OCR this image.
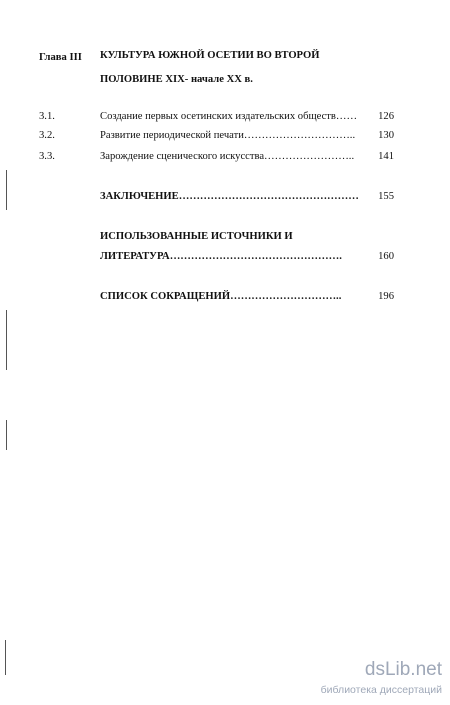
Глава III КУЛЬТУРА ЮЖНОЙ ОСЕТИИ ВО ВТОРОЙ
ПОЛОВИНЕ XIX- начале XX в.
3.1.	Создание первых осетинских издательских обществ……	126
3.2.	Развитие периодической печати…………………………..	130
3.3.	Зарождение сценического искусства……………………..	141
ЗАКЛЮЧЕНИЕ……………………………………………	155
ИСПОЛЬЗОВАННЫЕ ИСТОЧНИКИ И
ЛИТЕРАТУРА………………………………………….	160
СПИСОК СОКРАЩЕНИЙ…………………………..	196
dsLib.net
библиотека диссертаций
